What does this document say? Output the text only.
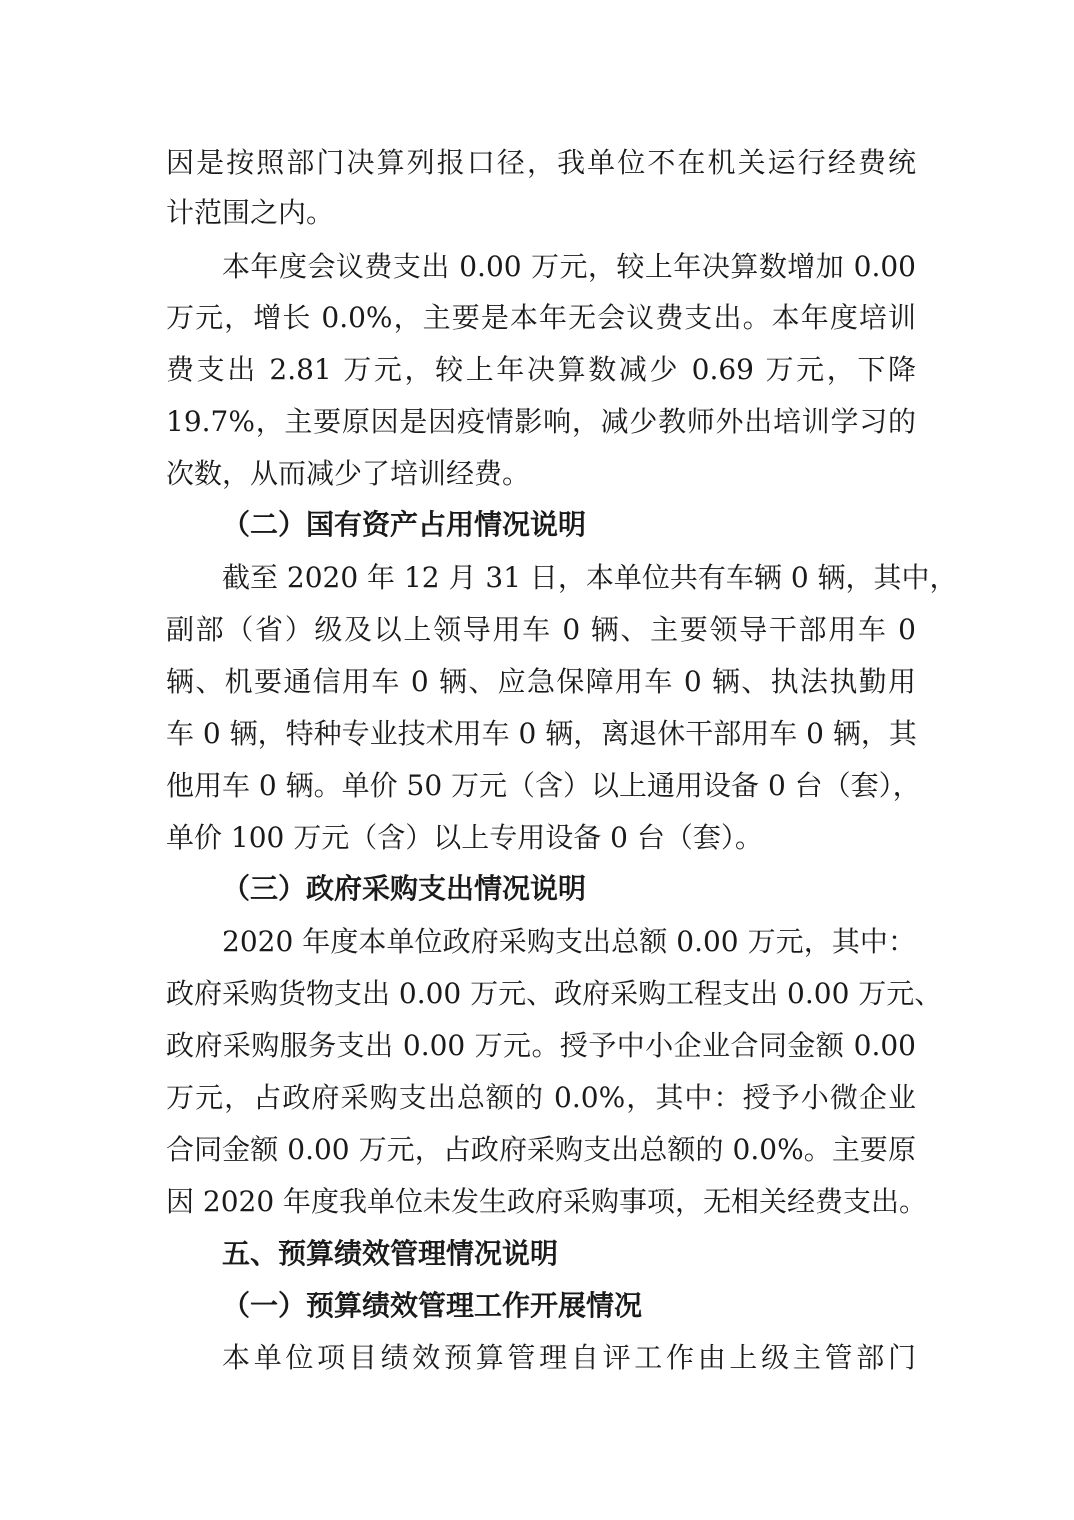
因是按照部门决算列报口径，我单位不在机关运行经费统
计范围之内。
本年度会议费支出 0.00 万元，较上年决算数增加 0.00
万元，增长 0.0%，主要是本年无会议费支出。本年度培训
费支出 2.81 万元，较上年决算数减少 0.69 万元，下降
19.7%，主要原因是因疫情影响，减少教师外出培训学习的
次数，从而减少了培训经费。
（二）国有资产占用情况说明
截至 2020 年 12 月 31 日，本单位共有车辆 0 辆，其中，
副部（省）级及以上领导用车 0 辆、主要领导干部用车 0
辆、机要通信用车 0 辆、应急保障用车 0 辆、执法执勤用
车 0 辆，特种专业技术用车 0 辆，离退休干部用车 0 辆，其
他用车 0 辆。单价 50 万元（含）以上通用设备 0 台（套），
单价 100 万元（含）以上专用设备 0 台（套）。
（三）政府采购支出情况说明
2020 年度本单位政府采购支出总额 0.00 万元，其中：
政府采购货物支出 0.00 万元、政府采购工程支出 0.00 万元、
政府采购服务支出 0.00 万元。授予中小企业合同金额 0.00
万元，占政府采购支出总额的 0.0%，其中：授予小微企业
合同金额 0.00 万元，占政府采购支出总额的 0.0%。主要原
因 2020 年度我单位未发生政府采购事项，无相关经费支出。
五、预算绩效管理情况说明
（一）预算绩效管理工作开展情况
本单位项目绩效预算管理自评工作由上级主管部门
